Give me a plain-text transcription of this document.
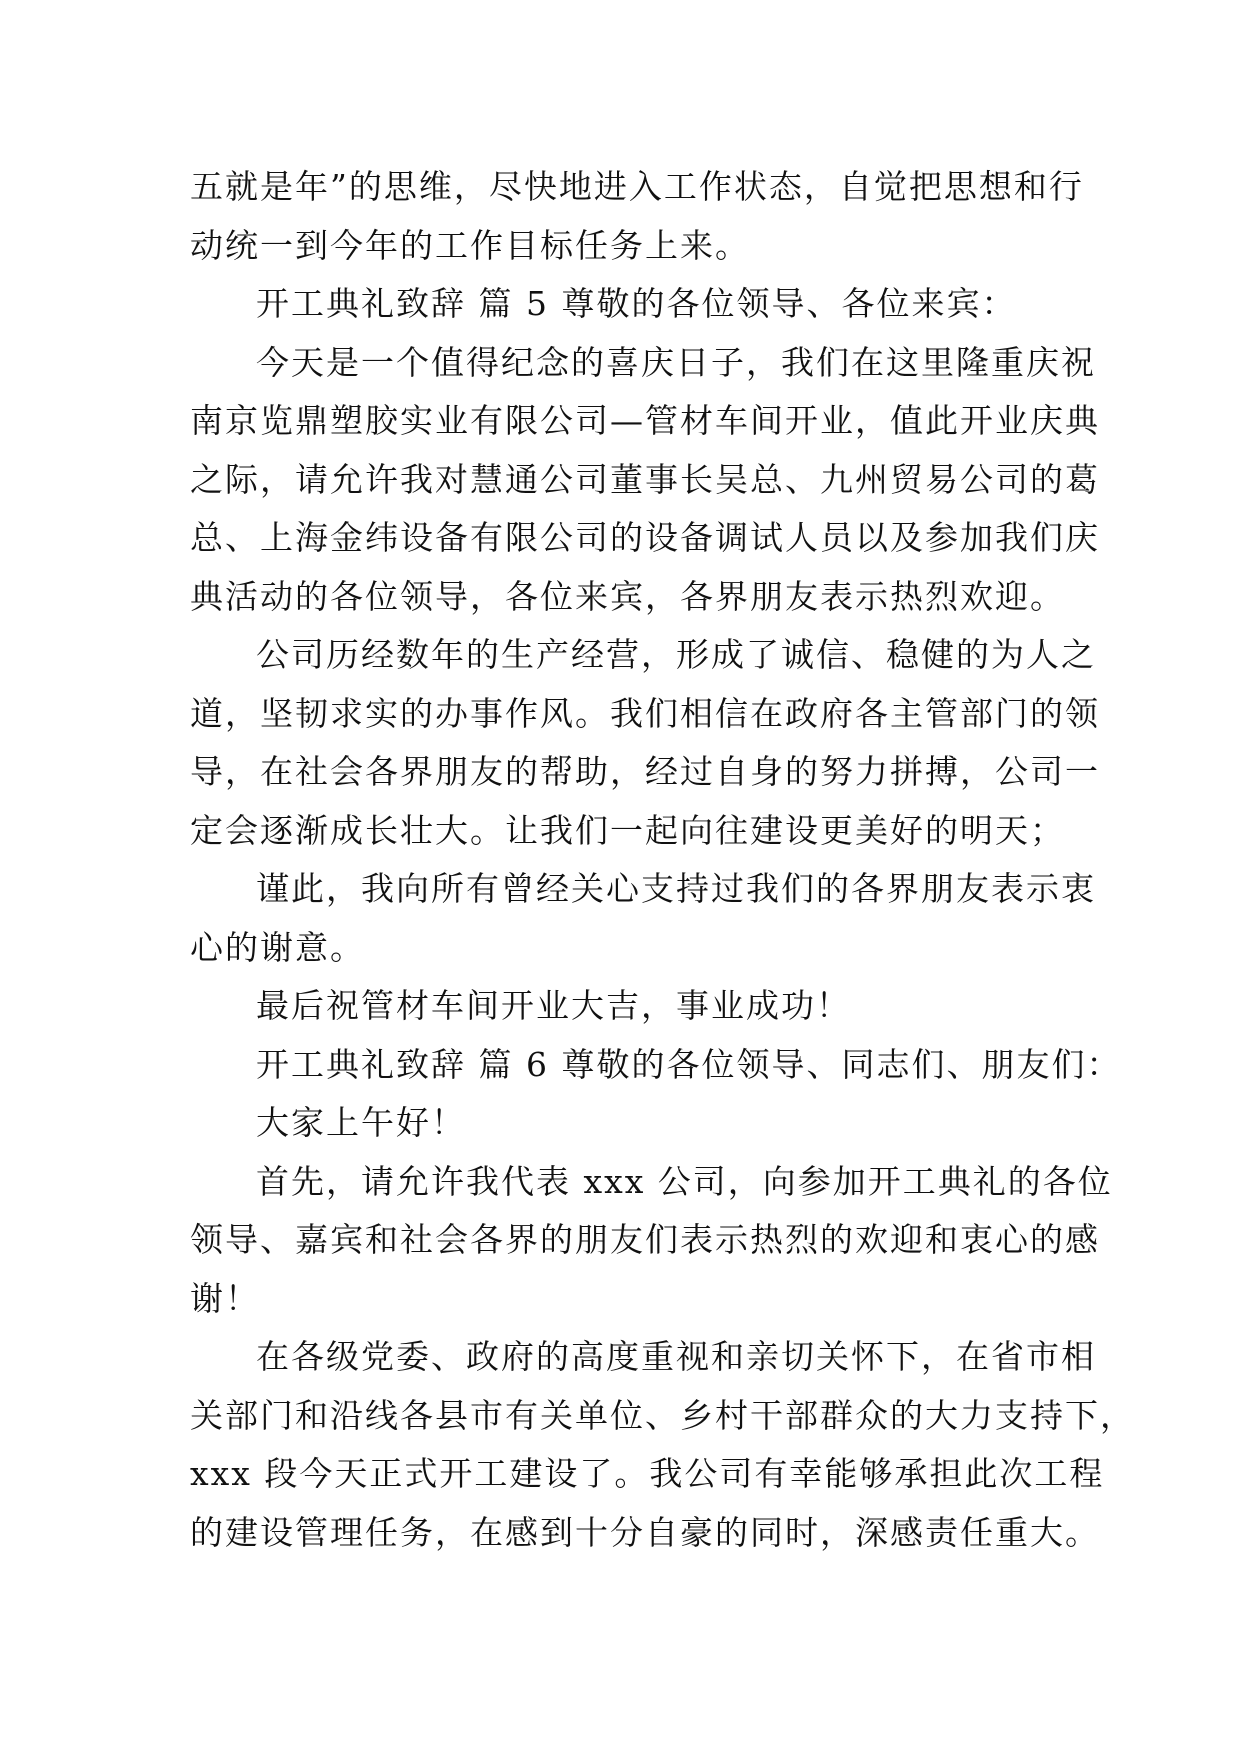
五就是年”的思维，尽快地进入工作状态，自觉把思想和行
动统一到今年的工作目标任务上来。
开工典礼致辞 篇 5 尊敬的各位领导、各位来宾：
今天是一个值得纪念的喜庆日子，我们在这里隆重庆祝
南京览鼎塑胶实业有限公司—管材车间开业，值此开业庆典
之际，请允许我对慧通公司董事长吴总、九州贸易公司的葛
总、上海金纬设备有限公司的设备调试人员以及参加我们庆
典活动的各位领导，各位来宾，各界朋友表示热烈欢迎。
公司历经数年的生产经营，形成了诚信、稳健的为人之
道，坚韧求实的办事作风。我们相信在政府各主管部门的领
导，在社会各界朋友的帮助，经过自身的努力拼搏，公司一
定会逐渐成长壮大。让我们一起向往建设更美好的明天；
谨此，我向所有曾经关心支持过我们的各界朋友表示衷
心的谢意。
最后祝管材车间开业大吉，事业成功！
开工典礼致辞 篇 6 尊敬的各位领导、同志们、朋友们：
大家上午好！
首先，请允许我代表 xxx 公司，向参加开工典礼的各位
领导、嘉宾和社会各界的朋友们表示热烈的欢迎和衷心的感
谢！
在各级党委、政府的高度重视和亲切关怀下，在省市相
关部门和沿线各县市有关单位、乡村干部群众的大力支持下，
xxx 段今天正式开工建设了。我公司有幸能够承担此次工程
的建设管理任务，在感到十分自豪的同时，深感责任重大。
